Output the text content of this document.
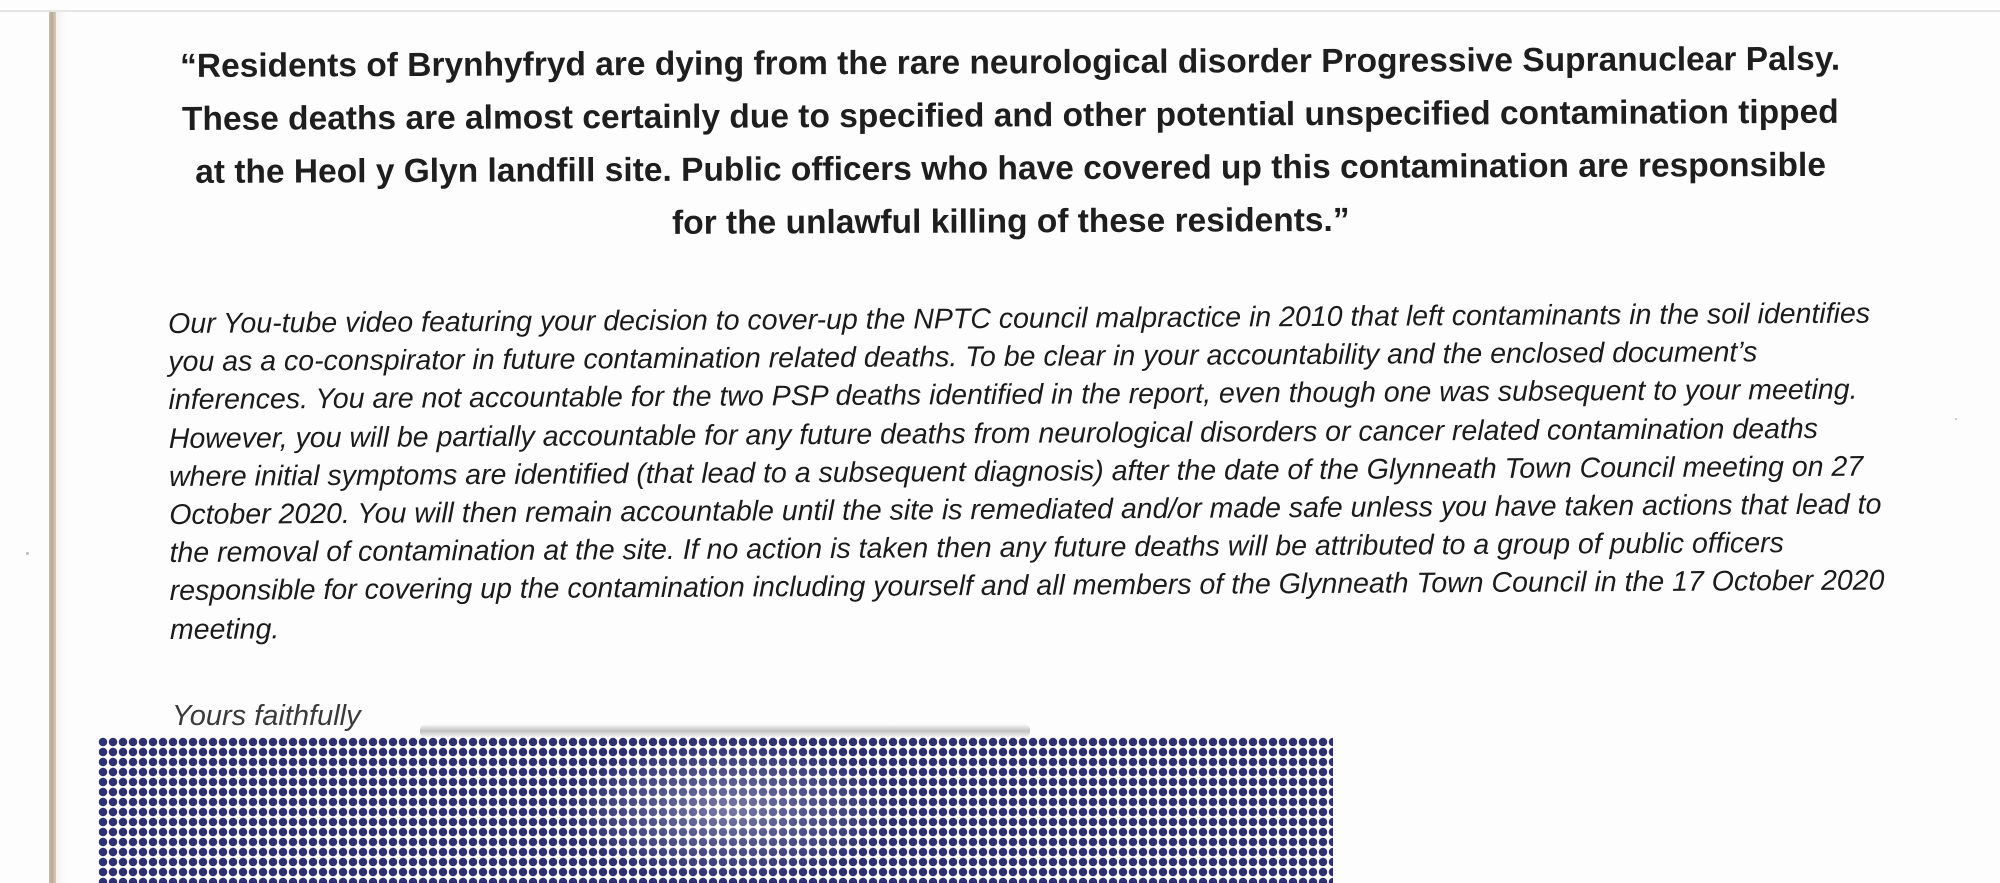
“Residents of Brynhyfryd are dying from the rare neurological disorder Progressive Supranuclear Palsy. These deaths are almost certainly due to specified and other potential unspecified contamination tipped at the Heol y Glyn landfill site. Public officers who have covered up this contamination are responsible for the unlawful killing of these residents.”

Our You-tube video featuring your decision to cover-up the NPTC council malpractice in 2010 that left contaminants in the soil identifies you as a co-conspirator in future contamination related deaths. To be clear in your accountability and the enclosed document’s inferences. You are not accountable for the two PSP deaths identified in the report, even though one was subsequent to your meeting. However, you will be partially accountable for any future deaths from neurological disorders or cancer related contamination deaths where initial symptoms are identified (that lead to a subsequent diagnosis) after the date of the Glynneath Town Council meeting on 27 October 2020. You will then remain accountable until the site is remediated and/or made safe unless you have taken actions that lead to the removal of contamination at the site. If no action is taken then any future deaths will be attributed to a group of public officers responsible for covering up the contamination including yourself and all members of the Glynneath Town Council in the 17 October 2020 meeting.

Yours faithfully
